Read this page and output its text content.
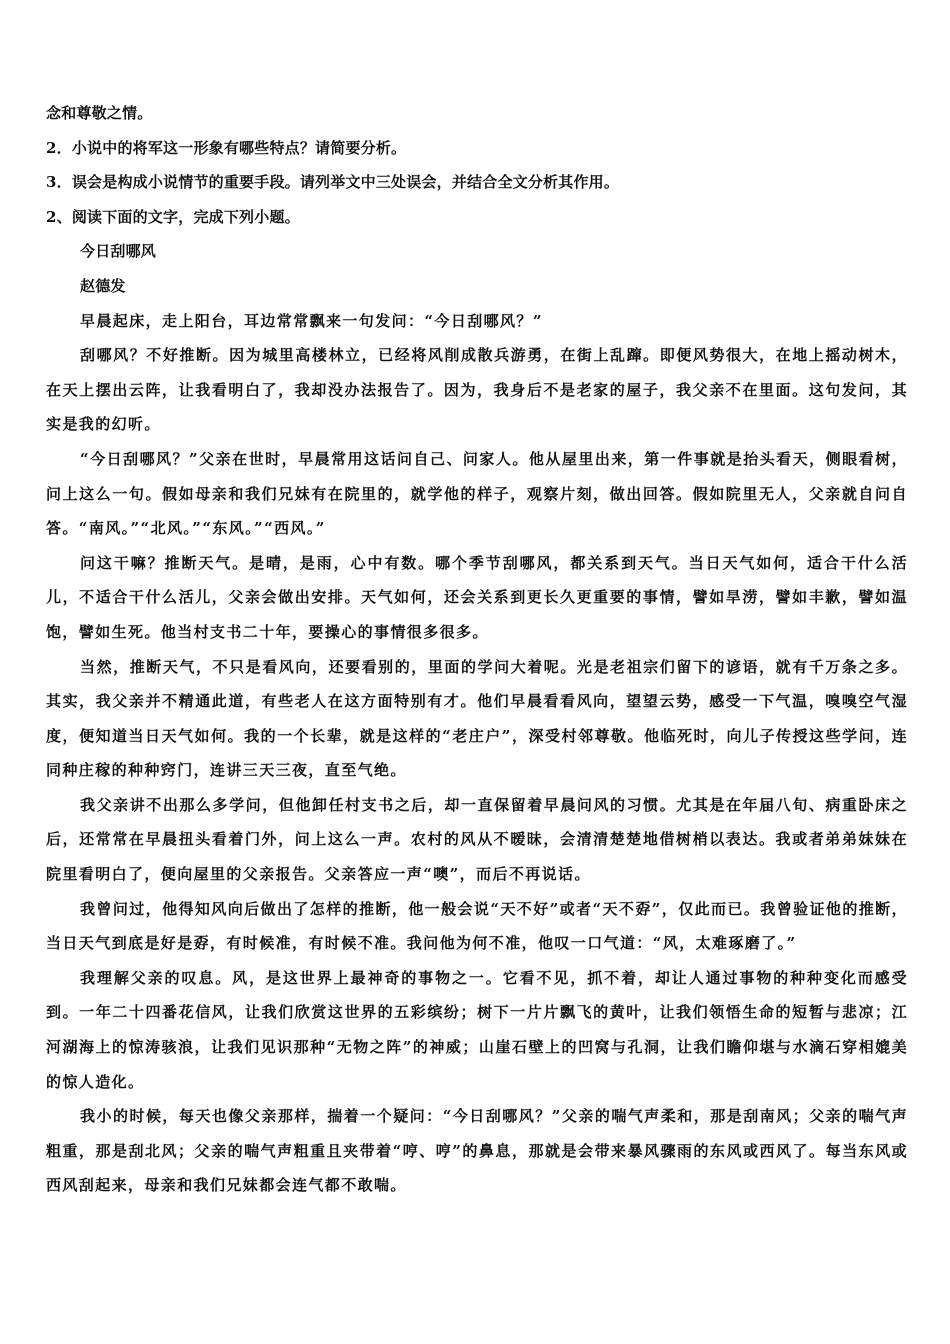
念和尊敬之情。
2．小说中的将军这一形象有哪些特点？请简要分析。
3．误会是构成小说情节的重要手段。请列举文中三处误会，并结合全文分析其作用。
2、阅读下面的文字，完成下列小题。
今日刮哪风
赵德发

早晨起床，走上阳台，耳边常常飘来一句发问：“今日刮哪风？”

刮哪风？不好推断。因为城里高楼林立，已经将风削成散兵游勇，在街上乱蹿。即便风势很大，在地上摇动树木，在天上摆出云阵，让我看明白了，我却没办法报告了。因为，我身后不是老家的屋子，我父亲不在里面。这句发问，其实是我的幻听。

“今日刮哪风？”父亲在世时，早晨常用这话问自己、问家人。他从屋里出来，第一件事就是抬头看天，侧眼看树，问上这么一句。假如母亲和我们兄妹有在院里的，就学他的样子，观察片刻，做出回答。假如院里无人，父亲就自问自答。“南风。”“北风。”“东风。”“西风。”

问这干嘛？推断天气。是晴，是雨，心中有数。哪个季节刮哪风，都关系到天气。当日天气如何，适合干什么活儿，不适合干什么活儿，父亲会做出安排。天气如何，还会关系到更长久更重要的事情，譬如旱涝，譬如丰歉，譬如温饱，譬如生死。他当村支书二十年，要操心的事情很多很多。

当然，推断天气，不只是看风向，还要看别的，里面的学问大着呢。光是老祖宗们留下的谚语，就有千万条之多。其实，我父亲并不精通此道，有些老人在这方面特别有才。他们早晨看看风向，望望云势，感受一下气温，嗅嗅空气湿度，便知道当日天气如何。我的一个长辈，就是这样的“老庄户”，深受村邻尊敬。他临死时，向儿子传授这些学问，连同种庄稼的种种窍门，连讲三天三夜，直至气绝。

我父亲讲不出那么多学问，但他卸任村支书之后，却一直保留着早晨问风的习惯。尤其是在年届八旬、病重卧床之后，还常常在早晨扭头看着门外，问上这么一声。农村的风从不暧昧，会清清楚楚地借树梢以表达。我或者弟弟妹妹在院里看明白了，便向屋里的父亲报告。父亲答应一声“噢”，而后不再说话。

我曾问过，他得知风向后做出了怎样的推断，他一般会说“天不好”或者“天不孬”，仅此而已。我曾验证他的推断，当日天气到底是好是孬，有时候准，有时候不准。我问他为何不准，他叹一口气道：“风，太难琢磨了。”

我理解父亲的叹息。风，是这世界上最神奇的事物之一。它看不见，抓不着，却让人通过事物的种种变化而感受到。一年二十四番花信风，让我们欣赏这世界的五彩缤纷；树下一片片飘飞的黄叶，让我们领悟生命的短暂与悲凉；江河湖海上的惊涛骇浪，让我们见识那种“无物之阵”的神威；山崖石壁上的凹窝与孔洞，让我们瞻仰堪与水滴石穿相媲美的惊人造化。

我小的时候，每天也像父亲那样，揣着一个疑问：“今日刮哪风？”父亲的喘气声柔和，那是刮南风；父亲的喘气声粗重，那是刮北风；父亲的喘气声粗重且夹带着“哼、哼”的鼻息，那就是会带来暴风骤雨的东风或西风了。每当东风或西风刮起来，母亲和我们兄妹都会连气都不敢喘。
